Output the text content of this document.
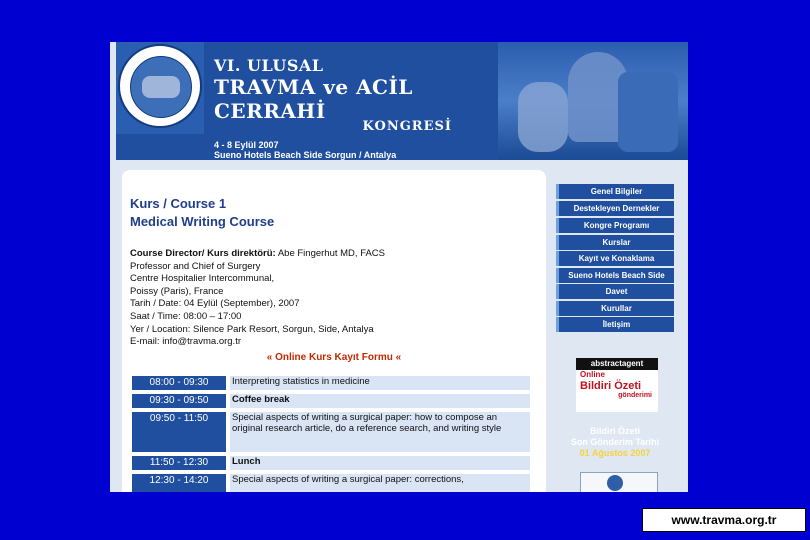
VI. ULUSAL
TRAVMA ve ACİL CERRAHİ
KONGRESİ
4 - 8 Eylül 2007
Sueno Hotels Beach Side Sorgun / Antalya
Kurs / Course 1
Medical Writing Course
Course Director/ Kurs direktörü: Abe Fingerhut MD, FACS
Professor and Chief of Surgery
Centre Hospitalier Intercommunal,
Poissy (Paris), France
Tarih / Date: 04 Eylül (September), 2007
Saat / Time: 08:00 – 17:00
Yer / Location: Silence Park Resort, Sorgun, Side, Antalya
E-mail: info@travma.org.tr
« Online Kurs Kayıt Formu «
08:00 - 09:30	Interpreting statistics in medicine
09:30 - 09:50	Coffee break
09:50 - 11:50	Special aspects of writing a surgical paper: how to compose an original research article, do a reference search, and writing style
11:50 - 12:30	Lunch
12:30 - 14:20	Special aspects of writing a surgical paper: corrections,
Genel Bilgiler
Destekleyen Dernekler
Kongre Programı
Kurslar
Kayıt ve Konaklama
Sueno Hotels Beach Side
Davet
Kurullar
İletişim
abstractagent
Online
Bildiri Özeti
gönderimi
Bildiri Özeti
Son Gönderim Tarihi
01 Ağustos 2007
www.travma.org.tr
